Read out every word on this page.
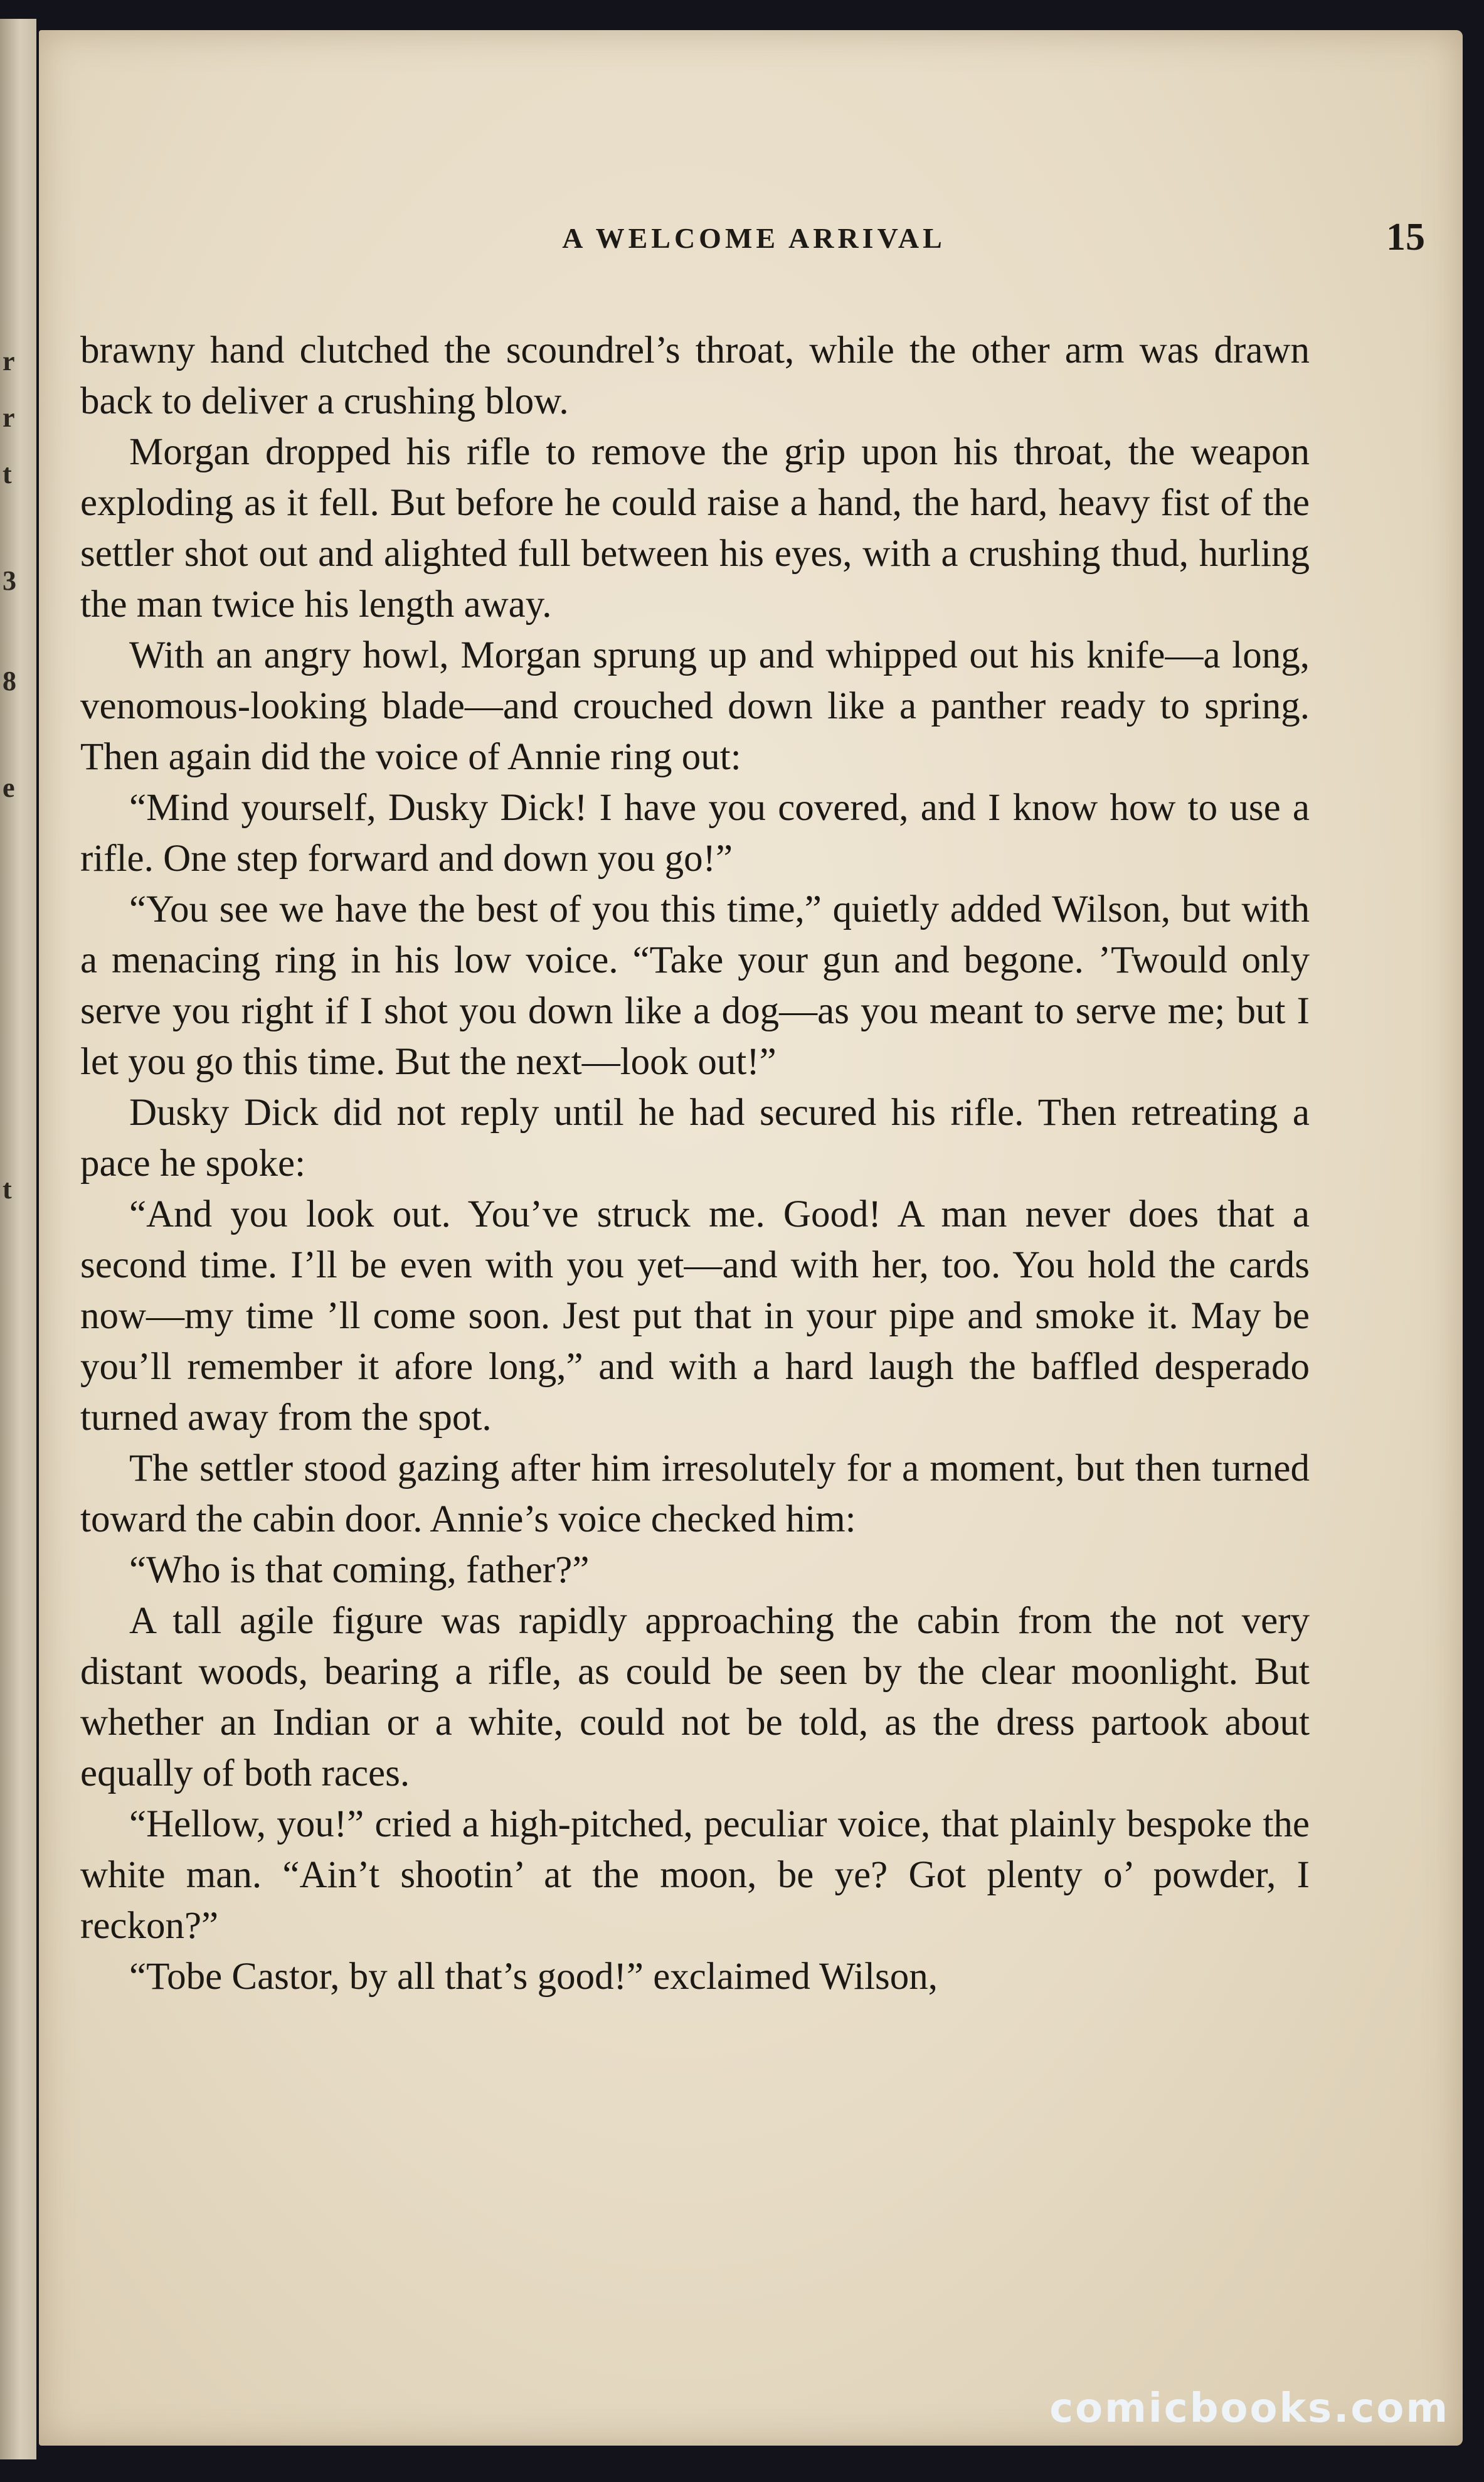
r
r
t
3
8
e
t
A WELCOME ARRIVAL	15

brawny hand clutched the scoundrel’s throat, while the other arm was drawn back to deliver a crushing blow.

Morgan dropped his rifle to remove the grip upon his throat, the weapon exploding as it fell. But before he could raise a hand, the hard, heavy fist of the settler shot out and alighted full between his eyes, with a crushing thud, hurling the man twice his length away.

With an angry howl, Morgan sprung up and whipped out his knife—a long, venomous-looking blade—and crouched down like a panther ready to spring. Then again did the voice of Annie ring out:

“Mind yourself, Dusky Dick! I have you covered, and I know how to use a rifle. One step forward and down you go!”

“You see we have the best of you this time,” quietly added Wilson, but with a menacing ring in his low voice. “Take your gun and begone. ’Twould only serve you right if I shot you down like a dog—as you meant to serve me; but I let you go this time. But the next—look out!”

Dusky Dick did not reply until he had secured his rifle. Then retreating a pace he spoke:

“And you look out. You’ve struck me. Good! A man never does that a second time. I’ll be even with you yet—and with her, too. You hold the cards now—my time ’ll come soon. Jest put that in your pipe and smoke it. May be you’ll remember it afore long,” and with a hard laugh the baffled desperado turned away from the spot.

The settler stood gazing after him irresolutely for a moment, but then turned toward the cabin door. Annie’s voice checked him:

“Who is that coming, father?”

A tall agile figure was rapidly approaching the cabin from the not very distant woods, bearing a rifle, as could be seen by the clear moonlight. But whether an Indian or a white, could not be told, as the dress partook about equally of both races.

“Hellow, you!” cried a high-pitched, peculiar voice, that plainly bespoke the white man. “Ain’t shootin’ at the moon, be ye? Got plenty o’ powder, I reckon?”

“Tobe Castor, by all that’s good!” exclaimed Wilson,

comicbooks.com
